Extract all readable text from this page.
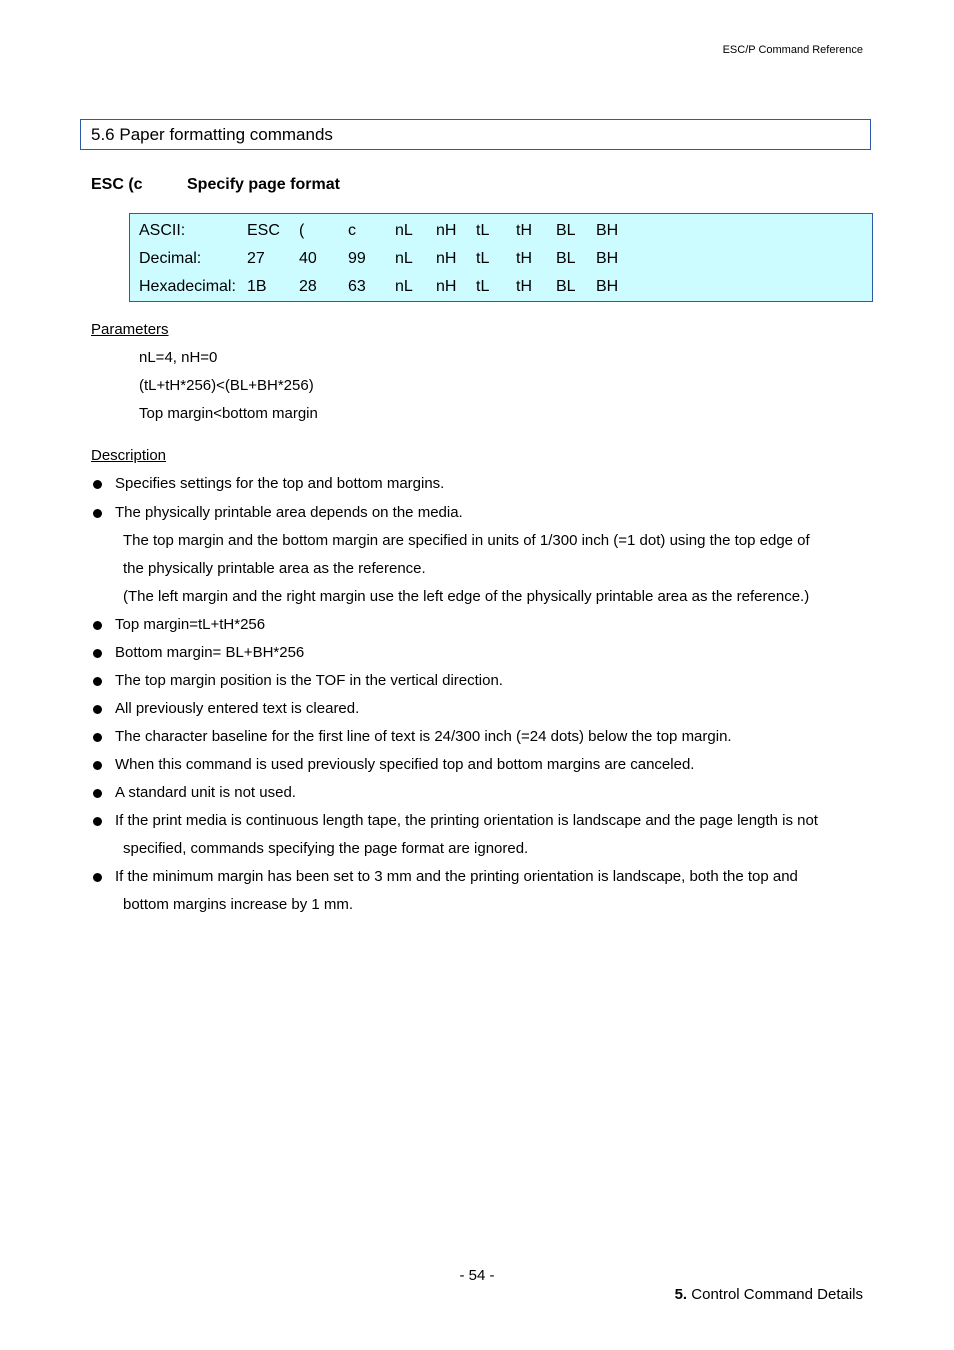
ESC/P Command Reference
5.6 Paper formatting commands
ESC (c	Specify page format
ASCII:	ESC (	c nL nH tL tH BL BH
Decimal:	27 40 99 nL nH tL tH BL BH
Hexadecimal: 1B 28 63 nL nH tL tH BL BH
Parameters
nL=4, nH=0
(tL+tH*256)<(BL+BH*256)
Top margin<bottom margin
Description
Specifies settings for the top and bottom margins.
The physically printable area depends on the media.
The top margin and the bottom margin are specified in units of 1/300 inch (=1 dot) using the top edge of
the physically printable area as the reference.
(The left margin and the right margin use the left edge of the physically printable area as the reference.)
Top margin=tL+tH*256
Bottom margin= BL+BH*256
The top margin position is the TOF in the vertical direction.
All previously entered text is cleared.
The character baseline for the first line of text is 24/300 inch (=24 dots) below the top margin.
When this command is used previously specified top and bottom margins are canceled.
A standard unit is not used.
If the print media is continuous length tape, the printing orientation is landscape and the page length is not
specified, commands specifying the page format are ignored.
If the minimum margin has been set to 3 mm and the printing orientation is landscape, both the top and
bottom margins increase by 1 mm.
- 54 -
5. Control Command Details
